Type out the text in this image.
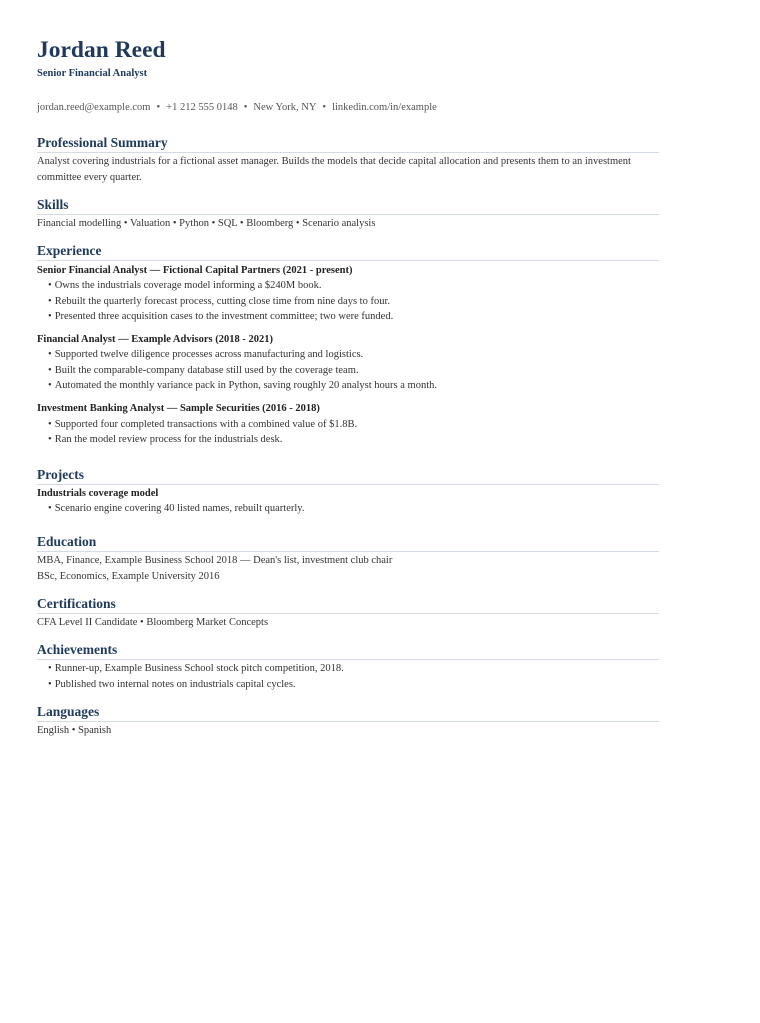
Jordan Reed
Senior Financial Analyst
jordan.reed@example.com • +1 212 555 0148 • New York, NY • linkedin.com/in/example
Professional Summary
Analyst covering industrials for a fictional asset manager. Builds the models that decide capital allocation and presents them to an investment committee every quarter.
Skills
Financial modelling • Valuation • Python • SQL • Bloomberg • Scenario analysis
Experience
Senior Financial Analyst — Fictional Capital Partners (2021 - present)
• Owns the industrials coverage model informing a $240M book.
• Rebuilt the quarterly forecast process, cutting close time from nine days to four.
• Presented three acquisition cases to the investment committee; two were funded.
Financial Analyst — Example Advisors (2018 - 2021)
• Supported twelve diligence processes across manufacturing and logistics.
• Built the comparable-company database still used by the coverage team.
• Automated the monthly variance pack in Python, saving roughly 20 analyst hours a month.
Investment Banking Analyst — Sample Securities (2016 - 2018)
• Supported four completed transactions with a combined value of $1.8B.
• Ran the model review process for the industrials desk.
Projects
Industrials coverage model
• Scenario engine covering 40 listed names, rebuilt quarterly.
Education
MBA, Finance, Example Business School 2018 — Dean's list, investment club chair
BSc, Economics, Example University 2016
Certifications
CFA Level II Candidate • Bloomberg Market Concepts
Achievements
• Runner-up, Example Business School stock pitch competition, 2018.
• Published two internal notes on industrials capital cycles.
Languages
English • Spanish
